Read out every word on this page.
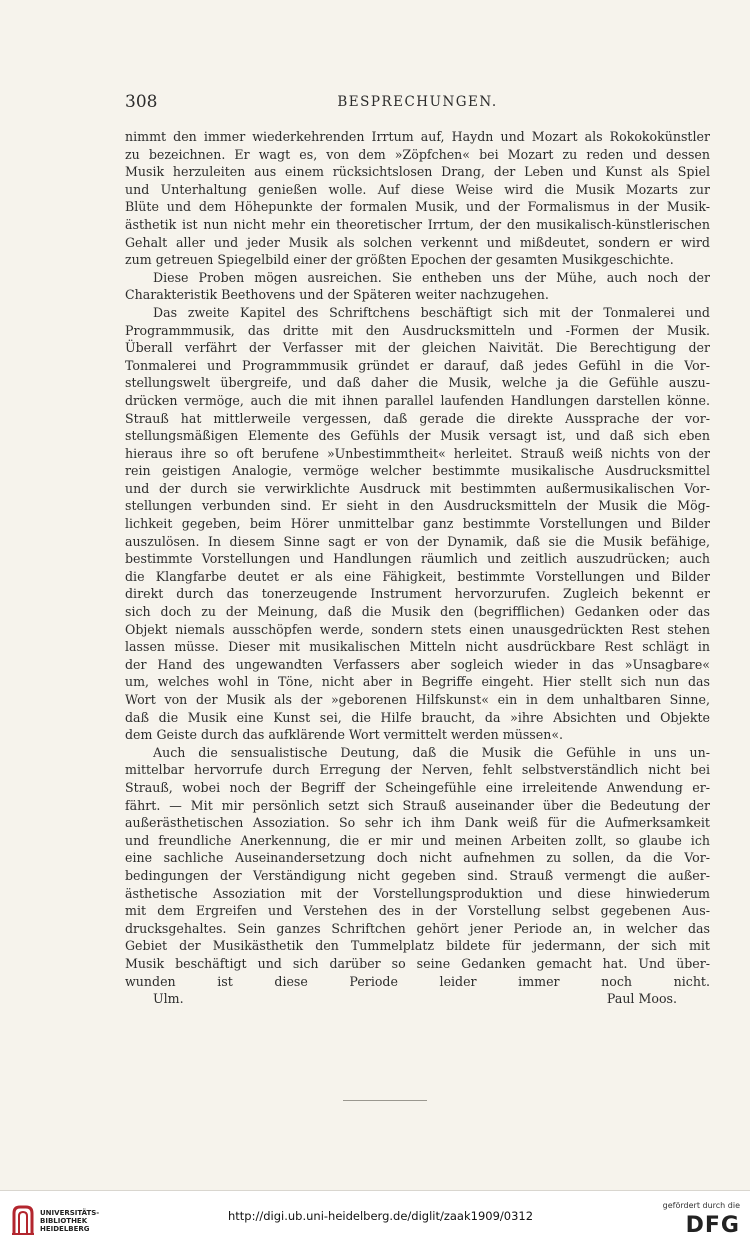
308	BESPRECHUNGEN.

nimmt den immer wiederkehrenden Irrtum auf, Haydn und Mozart als Rokokokünstler

zu bezeichnen. Er wagt es, von dem »Zöpfchen« bei Mozart zu reden und dessen

Musik herzuleiten aus einem rücksichtslosen Drang, der Leben und Kunst als Spiel

und Unterhaltung genießen wolle. Auf diese Weise wird die Musik Mozarts zur

Blüte und dem Höhepunkte der formalen Musik, und der Formalismus in der Musik-

ästhetik ist nun nicht mehr ein theoretischer Irrtum, der den musikalisch-künstlerischen

Gehalt aller und jeder Musik als solchen verkennt und mißdeutet, sondern er wird

zum getreuen Spiegelbild einer der größten Epochen der gesamten Musikgeschichte.

Diese Proben mögen ausreichen. Sie entheben uns der Mühe, auch noch der

Charakteristik Beethovens und der Späteren weiter nachzugehen.

Das zweite Kapitel des Schriftchens beschäftigt sich mit der Tonmalerei und

Programmmusik, das dritte mit den Ausdrucksmitteln und -Formen der Musik.

Überall verfährt der Verfasser mit der gleichen Naivität. Die Berechtigung der

Tonmalerei und Programmmusik gründet er darauf, daß jedes Gefühl in die Vor-

stellungswelt übergreife, und daß daher die Musik, welche ja die Gefühle auszu-

drücken vermöge, auch die mit ihnen parallel laufenden Handlungen darstellen könne.

Strauß hat mittlerweile vergessen, daß gerade die direkte Aussprache der vor-

stellungsmäßigen Elemente des Gefühls der Musik versagt ist, und daß sich eben

hieraus ihre so oft berufene »Unbestimmtheit« herleitet. Strauß weiß nichts von der

rein geistigen Analogie, vermöge welcher bestimmte musikalische Ausdrucksmittel

und der durch sie verwirklichte Ausdruck mit bestimmten außermusikalischen Vor-

stellungen verbunden sind. Er sieht in den Ausdrucksmitteln der Musik die Mög-

lichkeit gegeben, beim Hörer unmittelbar ganz bestimmte Vorstellungen und Bilder

auszulösen. In diesem Sinne sagt er von der Dynamik, daß sie die Musik befähige,

bestimmte Vorstellungen und Handlungen räumlich und zeitlich auszudrücken; auch

die Klangfarbe deutet er als eine Fähigkeit, bestimmte Vorstellungen und Bilder

direkt durch das tonerzeugende Instrument hervorzurufen. Zugleich bekennt er

sich doch zu der Meinung, daß die Musik den (begrifflichen) Gedanken oder das

Objekt niemals ausschöpfen werde, sondern stets einen unausgedrückten Rest stehen

lassen müsse. Dieser mit musikalischen Mitteln nicht ausdrückbare Rest schlägt in

der Hand des ungewandten Verfassers aber sogleich wieder in das »Unsagbare«

um, welches wohl in Töne, nicht aber in Begriffe eingeht. Hier stellt sich nun das

Wort von der Musik als der »geborenen Hilfskunst« ein in dem unhaltbaren Sinne,

daß die Musik eine Kunst sei, die Hilfe braucht, da »ihre Absichten und Objekte

dem Geiste durch das aufklärende Wort vermittelt werden müssen«.

Auch die sensualistische Deutung, daß die Musik die Gefühle in uns un-

mittelbar hervorrufe durch Erregung der Nerven, fehlt selbstverständlich nicht bei

Strauß, wobei noch der Begriff der Scheingefühle eine irreleitende Anwendung er-

fährt. — Mit mir persönlich setzt sich Strauß auseinander über die Bedeutung der

außerästhetischen Assoziation. So sehr ich ihm Dank weiß für die Aufmerksamkeit

und freundliche Anerkennung, die er mir und meinen Arbeiten zollt, so glaube ich

eine sachliche Auseinandersetzung doch nicht aufnehmen zu sollen, da die Vor-

bedingungen der Verständigung nicht gegeben sind. Strauß vermengt die außer-

ästhetische Assoziation mit der Vorstellungsproduktion und diese hinwiederum

mit dem Ergreifen und Verstehen des in der Vorstellung selbst gegebenen Aus-

drucksgehaltes. Sein ganzes Schriftchen gehört jener Periode an, in welcher das

Gebiet der Musikästhetik den Tummelplatz bildete für jedermann, der sich mit

Musik beschäftigt und sich darüber so seine Gedanken gemacht hat. Und über-

wunden ist diese Periode leider immer noch nicht.

Ulm.	Paul Moos.
UNIVERSITÄTS-
BIBLIOTHEK
HEIDELBERG
http://digi.ub.uni-heidelberg.de/diglit/zaak1909/0312
gefördert durch die
DFG
